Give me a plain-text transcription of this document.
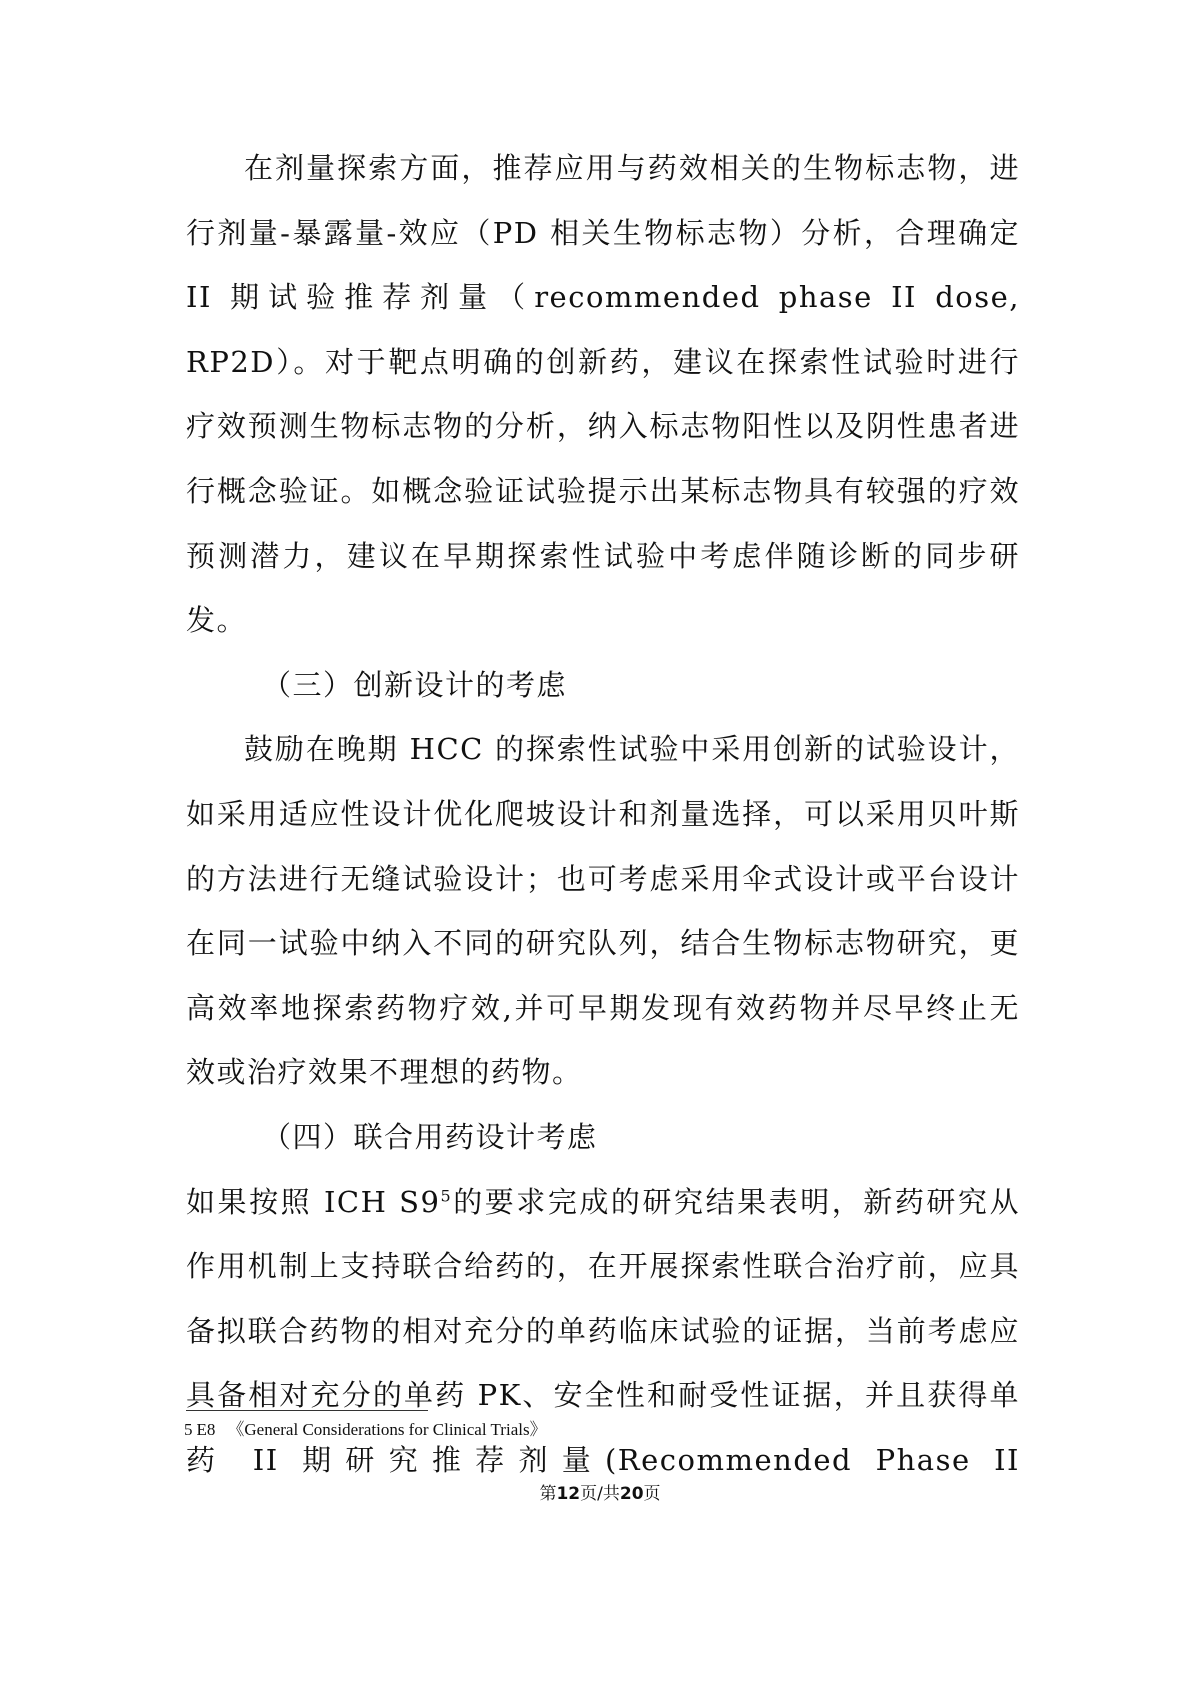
在剂量探索方面，推荐应用与药效相关的生物标志物，进行剂量-暴露量-效应（PD 相关生物标志物）分析，合理确定 II 期试验推荐剂量（recommended phase II dose, RP2D）。对于靶点明确的创新药，建议在探索性试验时进行疗效预测生物标志物的分析，纳入标志物阳性以及阴性患者进行概念验证。如概念验证试验提示出某标志物具有较强的疗效预测潜力，建议在早期探索性试验中考虑伴随诊断的同步研发。

（三）创新设计的考虑

鼓励在晚期 HCC 的探索性试验中采用创新的试验设计，如采用适应性设计优化爬坡设计和剂量选择，可以采用贝叶斯的方法进行无缝试验设计；也可考虑采用伞式设计或平台设计在同一试验中纳入不同的研究队列，结合生物标志物研究，更高效率地探索药物疗效,并可早期发现有效药物并尽早终止无效或治疗效果不理想的药物。

（四）联合用药设计考虑

如果按照 ICH $S9^5$的要求完成的研究结果表明，新药研究从作用机制上支持联合给药的，在开展探索性联合治疗前，应具备拟联合药物的相对充分的单药临床试验的证据，当前考虑应具备相对充分的单药 PK、安全性和耐受性证据，并且获得单药 II 期研究推荐剂量(Recommended Phase II

5 E8 《General Considerations for Clinical Trials》
第12页/共20页
